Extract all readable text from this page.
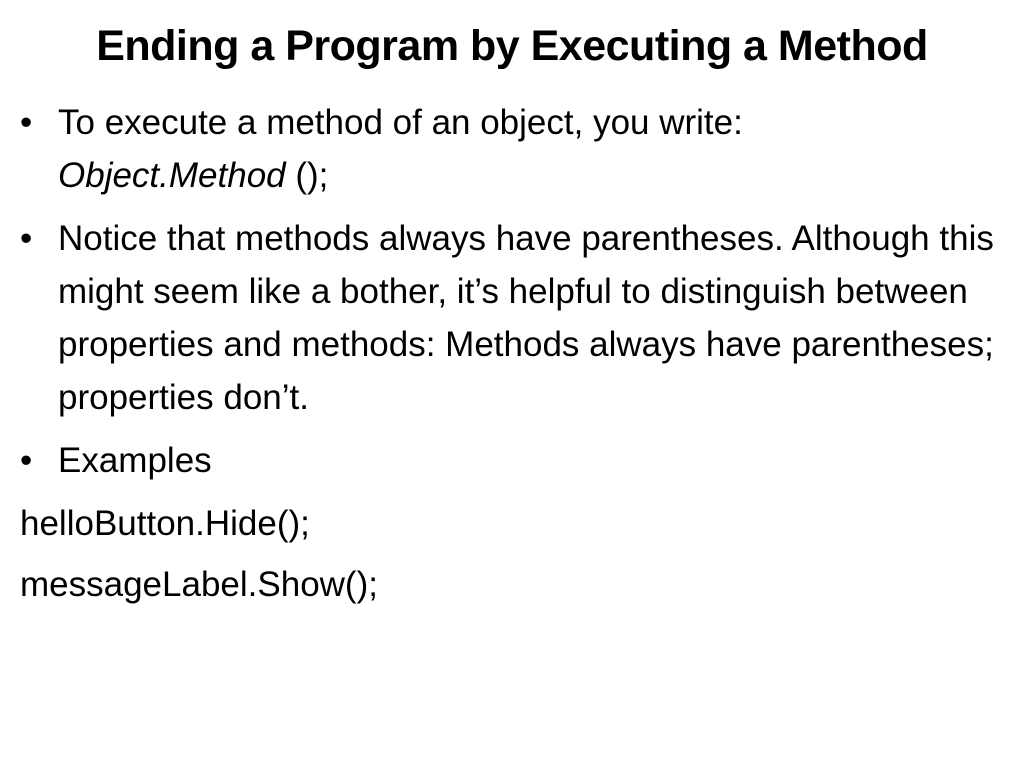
Ending a Program by Executing a Method
• To execute a method of an object, you write:
Object.Method ();
• Notice that methods always have parentheses. Although this might seem like a bother, it’s helpful to distinguish between properties and methods: Methods always have parentheses; properties don’t.
• Examples
helloButton.Hide();
messageLabel.Show();
